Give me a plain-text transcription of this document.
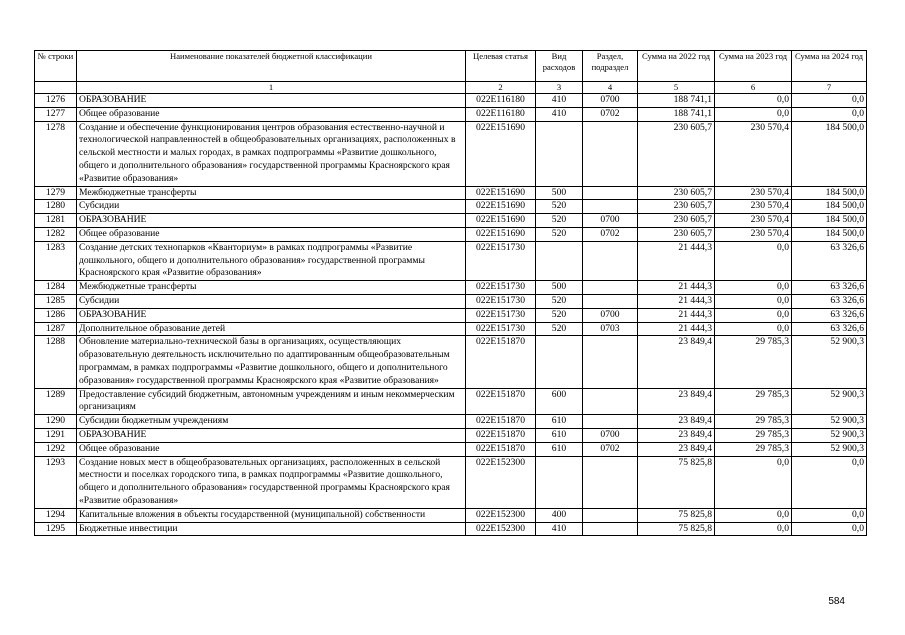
№ строки	Наименование показателей бюджетной классификации	Целевая статья	Вид расходов	Раздел, подраздел	Сумма на 2022 год	Сумма на 2023 год	Сумма на 2024 год
	1	2	3	4	5	6	7
1276	ОБРАЗОВАНИЕ	022E116180	410	0700	188 741,1	0,0	0,0
1277	Общее образование	022E116180	410	0702	188 741,1	0,0	0,0
1278	Создание и обеспечение функционирования центров образования естественно-научной и технологической направленностей в общеобразовательных организациях, расположенных в сельской местности и малых городах, в рамках подпрограммы «Развитие дошкольного, общего и дополнительного образования» государственной программы Красноярского края «Развитие образования»	022E151690			230 605,7	230 570,4	184 500,0
1279	Межбюджетные трансферты	022E151690	500		230 605,7	230 570,4	184 500,0
1280	Субсидии	022E151690	520		230 605,7	230 570,4	184 500,0
1281	ОБРАЗОВАНИЕ	022E151690	520	0700	230 605,7	230 570,4	184 500,0
1282	Общее образование	022E151690	520	0702	230 605,7	230 570,4	184 500,0
1283	Создание детских технопарков «Кванториум» в рамках подпрограммы «Развитие дошкольного, общего и дополнительного образования» государственной программы Красноярского края «Развитие образования»	022E151730			21 444,3	0,0	63 326,6
1284	Межбюджетные трансферты	022E151730	500		21 444,3	0,0	63 326,6
1285	Субсидии	022E151730	520		21 444,3	0,0	63 326,6
1286	ОБРАЗОВАНИЕ	022E151730	520	0700	21 444,3	0,0	63 326,6
1287	Дополнительное образование детей	022E151730	520	0703	21 444,3	0,0	63 326,6
1288	Обновление материально-технической базы в организациях, осуществляющих образовательную деятельность исключительно по адаптированным общеобразовательным программам, в рамках подпрограммы «Развитие дошкольного, общего и дополнительного образования» государственной программы Красноярского края «Развитие образования»	022E151870			23 849,4	29 785,3	52 900,3
1289	Предоставление субсидий бюджетным, автономным учреждениям и иным некоммерческим организациям	022E151870	600		23 849,4	29 785,3	52 900,3
1290	Субсидии бюджетным учреждениям	022E151870	610		23 849,4	29 785,3	52 900,3
1291	ОБРАЗОВАНИЕ	022E151870	610	0700	23 849,4	29 785,3	52 900,3
1292	Общее образование	022E151870	610	0702	23 849,4	29 785,3	52 900,3
1293	Создание новых мест в общеобразовательных организациях, расположенных в сельской местности и поселках городского типа, в рамках подпрограммы «Развитие дошкольного, общего и дополнительного образования» государственной программы Красноярского края «Развитие образования»	022E152300			75 825,8	0,0	0,0
1294	Капитальные вложения в объекты государственной (муниципальной) собственности	022E152300	400		75 825,8	0,0	0,0
1295	Бюджетные инвестиции	022E152300	410		75 825,8	0,0	0,0
584
